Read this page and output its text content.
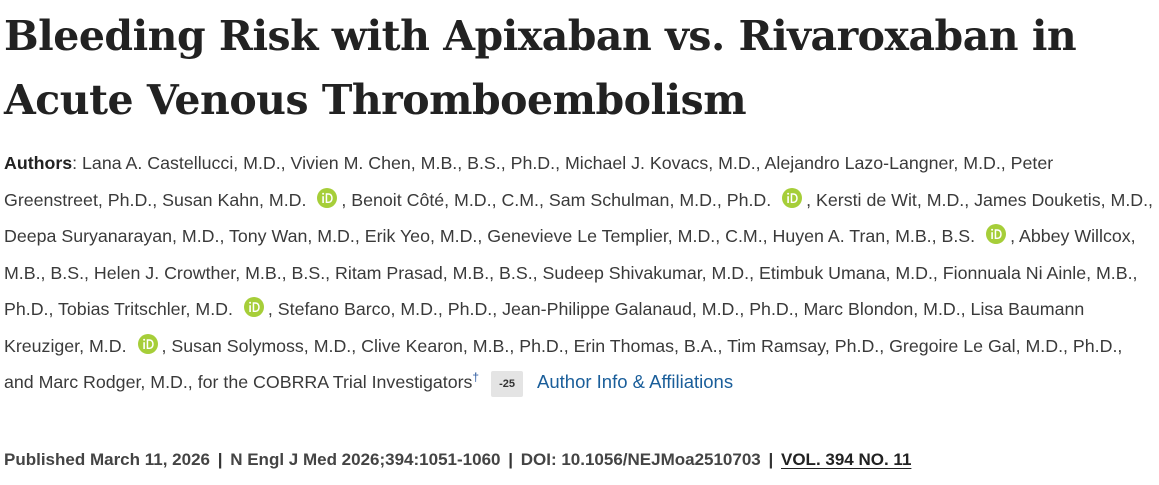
Bleeding Risk with Apixaban vs. Rivaroxaban in
Acute Venous Thromboembolism
Authors: Lana A. Castellucci, M.D., Vivien M. Chen, M.B., B.S., Ph.D., Michael J. Kovacs, M.D., Alejandro Lazo-Langner, M.D., Peter Greenstreet, Ph.D., Susan Kahn, M.D. , Benoit Côté, M.D., C.M., Sam Schulman, M.D., Ph.D. , Kersti de Wit, M.D., James Douketis, M.D., Deepa Suryanarayan, M.D., Tony Wan, M.D., Erik Yeo, M.D., Genevieve Le Templier, M.D., C.M., Huyen A. Tran, M.B., B.S. , Abbey Willcox, M.B., B.S., Helen J. Crowther, M.B., B.S., Ritam Prasad, M.B., B.S., Sudeep Shivakumar, M.D., Etimbuk Umana, M.D., Fionnuala Ni Ainle, M.B., Ph.D., Tobias Tritschler, M.D. , Stefano Barco, M.D., Ph.D., Jean-Philippe Galanaud, M.D., Ph.D., Marc Blondon, M.D., Lisa Baumann Kreuziger, M.D. , Susan Solymoss, M.D., Clive Kearon, M.B., Ph.D., Erin Thomas, B.A., Tim Ramsay, Ph.D., Gregoire Le Gal, M.D., Ph.D., and Marc Rodger, M.D., for the COBRRA Trial Investigators† -25 Author Info & Affiliations
Published March 11, 2026 | N Engl J Med 2026;394:1051-1060 | DOI: 10.1056/NEJMoa2510703 | VOL. 394 NO. 11
